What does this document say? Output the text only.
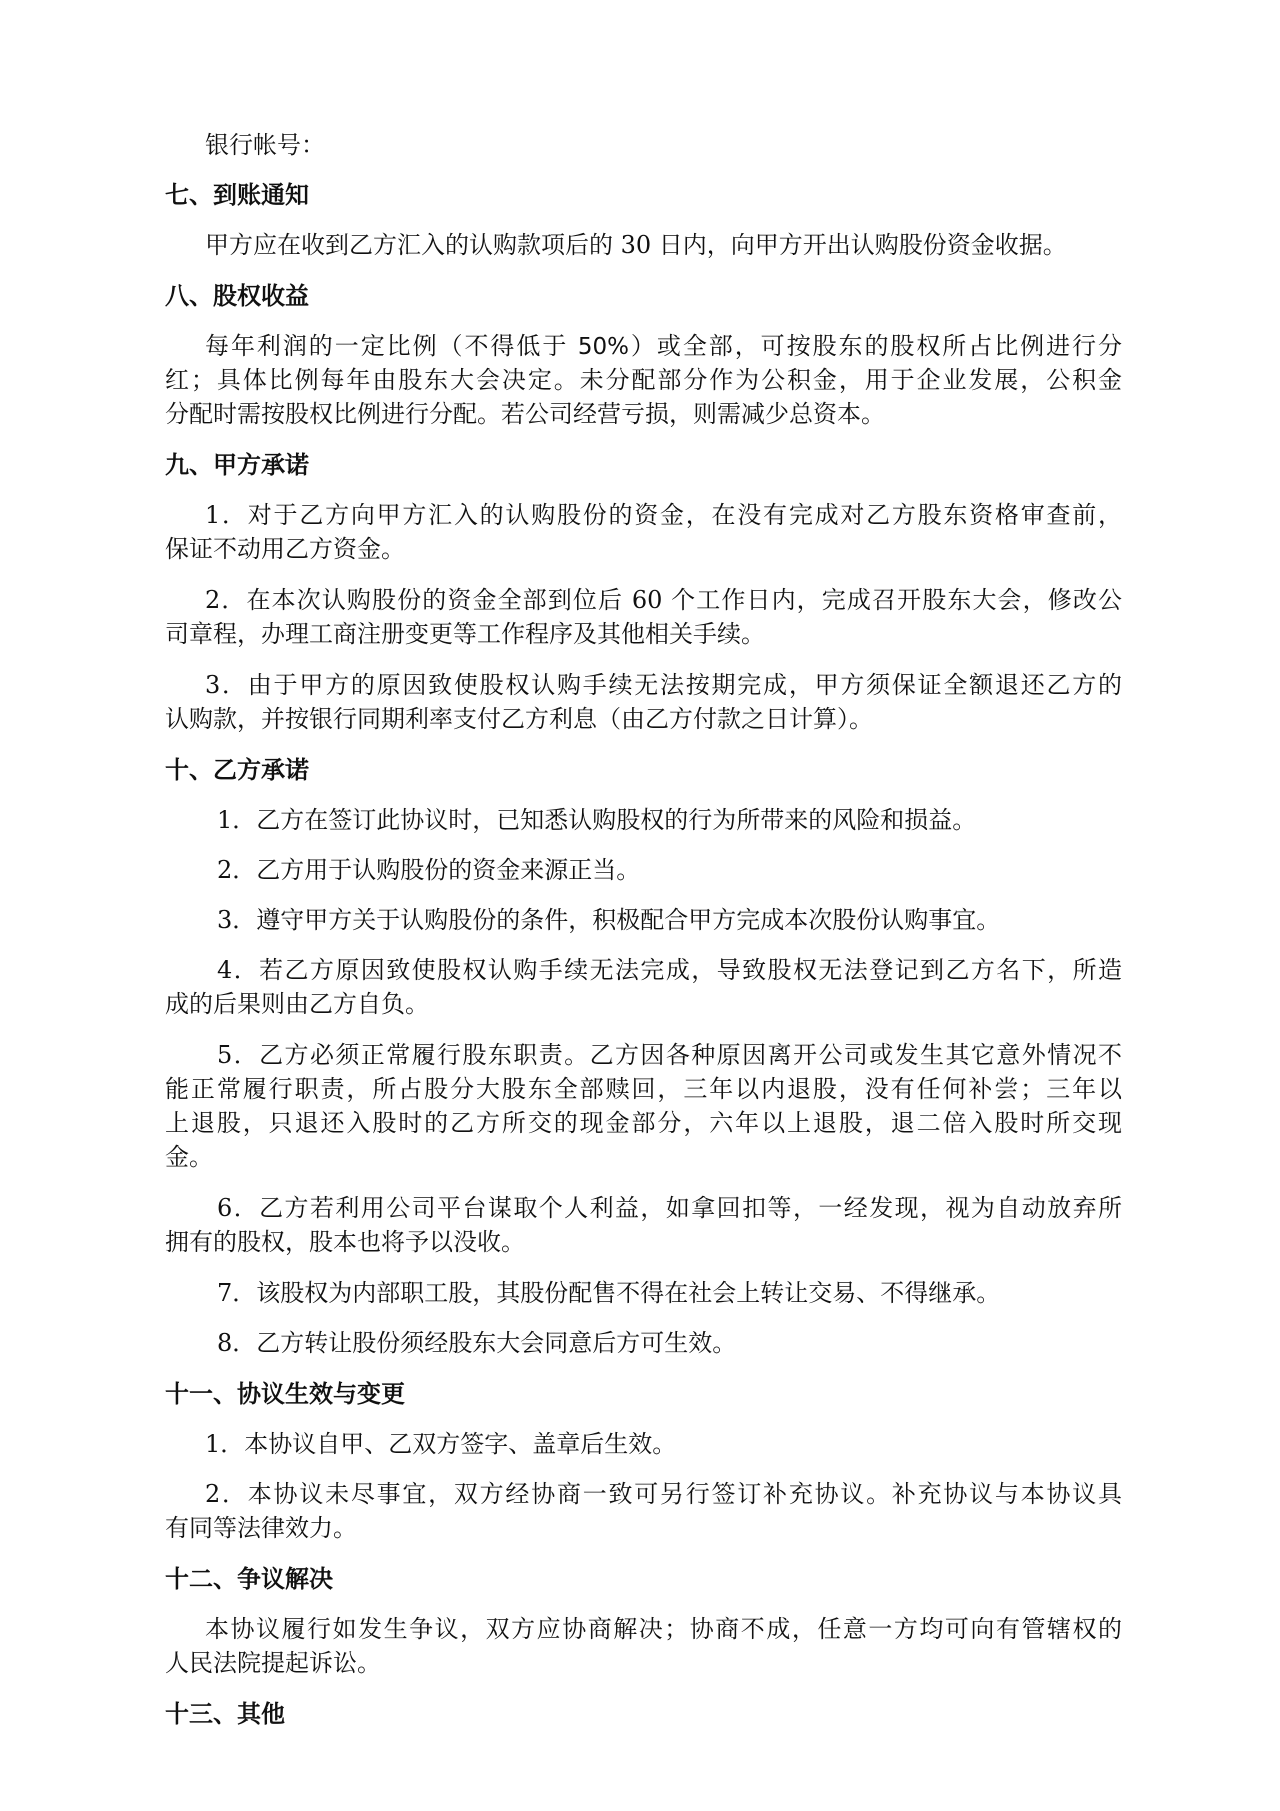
银行帐号：
七、到账通知
甲方应在收到乙方汇入的认购款项后的 30 日内，向甲方开出认购股份资金收据。
八、股权收益
每年利润的一定比例（不得低于 50%）或全部，可按股东的股权所占比例进行分
红；具体比例每年由股东大会决定。未分配部分作为公积金，用于企业发展，公积金
分配时需按股权比例进行分配。若公司经营亏损，则需减少总资本。
九、甲方承诺
1．对于乙方向甲方汇入的认购股份的资金，在没有完成对乙方股东资格审查前，
保证不动用乙方资金。
2．在本次认购股份的资金全部到位后 60 个工作日内，完成召开股东大会，修改公
司章程，办理工商注册变更等工作程序及其他相关手续。
3．由于甲方的原因致使股权认购手续无法按期完成，甲方须保证全额退还乙方的
认购款，并按银行同期利率支付乙方利息（由乙方付款之日计算）。
十、乙方承诺
1．乙方在签订此协议时，已知悉认购股权的行为所带来的风险和损益。
2．乙方用于认购股份的资金来源正当。
3．遵守甲方关于认购股份的条件，积极配合甲方完成本次股份认购事宜。
4．若乙方原因致使股权认购手续无法完成，导致股权无法登记到乙方名下，所造
成的后果则由乙方自负。
5．乙方必须正常履行股东职责。乙方因各种原因离开公司或发生其它意外情况不
能正常履行职责，所占股分大股东全部赎回，三年以内退股，没有任何补尝；三年以
上退股，只退还入股时的乙方所交的现金部分，六年以上退股，退二倍入股时所交现
金。
6．乙方若利用公司平台谋取个人利益，如拿回扣等，一经发现，视为自动放弃所
拥有的股权，股本也将予以没收。
7．该股权为内部职工股，其股份配售不得在社会上转让交易、不得继承。
8．乙方转让股份须经股东大会同意后方可生效。
十一、协议生效与变更
1．本协议自甲、乙双方签字、盖章后生效。
2．本协议未尽事宜，双方经协商一致可另行签订补充协议。补充协议与本协议具
有同等法律效力。
十二、争议解决
本协议履行如发生争议，双方应协商解决；协商不成，任意一方均可向有管辖权的
人民法院提起诉讼。
十三、其他
